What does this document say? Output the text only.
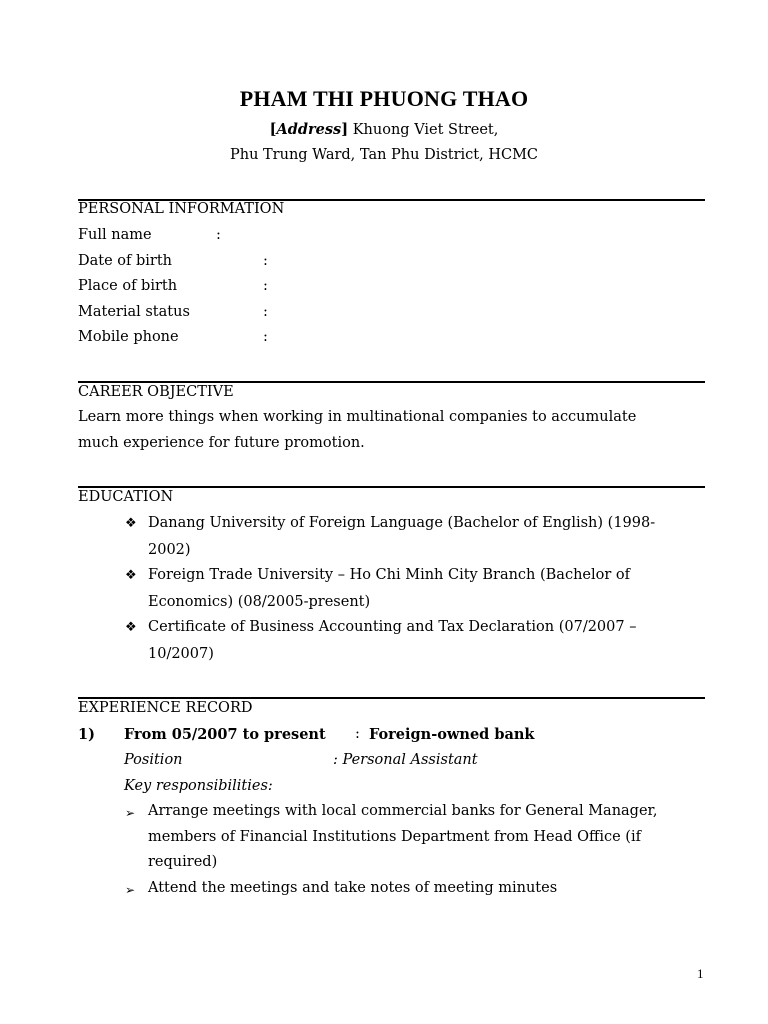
PHAM THI PHUONG THAO
[Address] Khuong Viet Street,
Phu Trung Ward, Tan Phu District, HCMC
PERSONAL INFORMATION
Full name	:
Date of birth	:
Place of birth	:
Material status	:
Mobile phone	:
CAREER OBJECTIVE
Learn more things when working in multinational companies to accumulate
much experience for future promotion.
EDUCATION
❖ Danang University of Foreign Language (Bachelor of English) (1998-
2002)
❖ Foreign Trade University – Ho Chi Minh City Branch (Bachelor of
Economics) (08/2005-present)
❖ Certificate of Business Accounting and Tax Declaration (07/2007 –
10/2007)
EXPERIENCE RECORD
1) From 05/2007 to present : Foreign-owned bank
Position	: Personal Assistant
Key responsibilities:
➢ Arrange meetings with local commercial banks for General Manager,
members of Financial Institutions Department from Head Office (if
required)
➢ Attend the meetings and take notes of meeting minutes
1
